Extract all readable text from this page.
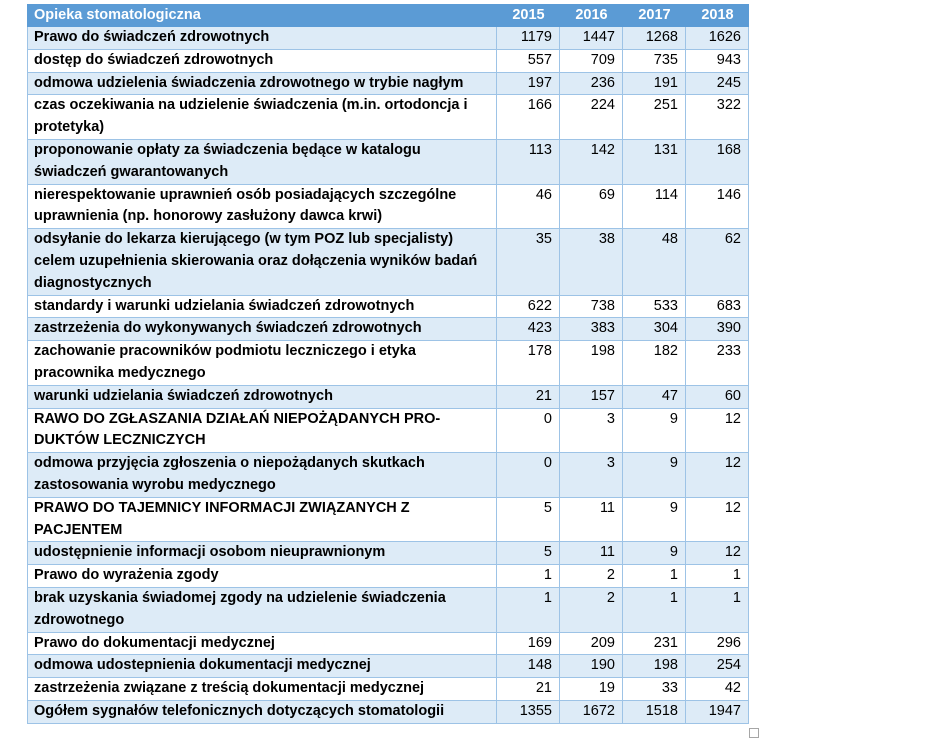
Opieka stomatologiczna	2015	2016	2017	2018
Prawo do świadczeń zdrowotnych	1179	1447	1268	1626
dostęp do świadczeń zdrowotnych	557	709	735	943
odmowa udzielenia świadczenia zdrowotnego w trybie nagłym	197	236	191	245
czas oczekiwania na udzielenie świadczenia (m.in. ortodoncja i protetyka)	166	224	251	322
proponowanie opłaty za świadczenia będące w katalogu świadczeń gwarantowanych	113	142	131	168
nierespektowanie uprawnień osób posiadających szczególne uprawnienia (np. honorowy zasłużony dawca krwi)	46	69	114	146
odsyłanie do lekarza kierującego (w tym POZ lub specjalisty) celem uzupełnienia skierowania oraz dołączenia wyników badań diagnostycznych	35	38	48	62
standardy i warunki udzielania świadczeń zdrowotnych	622	738	533	683
zastrzeżenia do wykonywanych świadczeń zdrowotnych	423	383	304	390
zachowanie pracowników podmiotu leczniczego i etyka pracownika medycznego	178	198	182	233
warunki udzielania świadczeń zdrowotnych	21	157	47	60
RAWO DO ZGŁASZANIA DZIAŁAŃ NIEPOŻĄDANYCH PRO- DUKTÓW LECZNICZYCH	0	3	9	12
odmowa przyjęcia zgłoszenia o niepożądanych skutkach zastosowania wyrobu medycznego	0	3	9	12
PRAWO DO TAJEMNICY INFORMACJI ZWIĄZANYCH Z PACJENTEM	5	11	9	12
udostępnienie informacji osobom nieuprawnionym	5	11	9	12
Prawo do wyrażenia zgody	1	2	1	1
brak uzyskania świadomej zgody na udzielenie świadczenia zdrowotnego	1	2	1	1
Prawo do dokumentacji medycznej	169	209	231	296
odmowa udostepnienia dokumentacji medycznej	148	190	198	254
zastrzeżenia związane z treścią dokumentacji medycznej	21	19	33	42
Ogółem sygnałów telefonicznych dotyczących stomatologii	1355	1672	1518	1947
